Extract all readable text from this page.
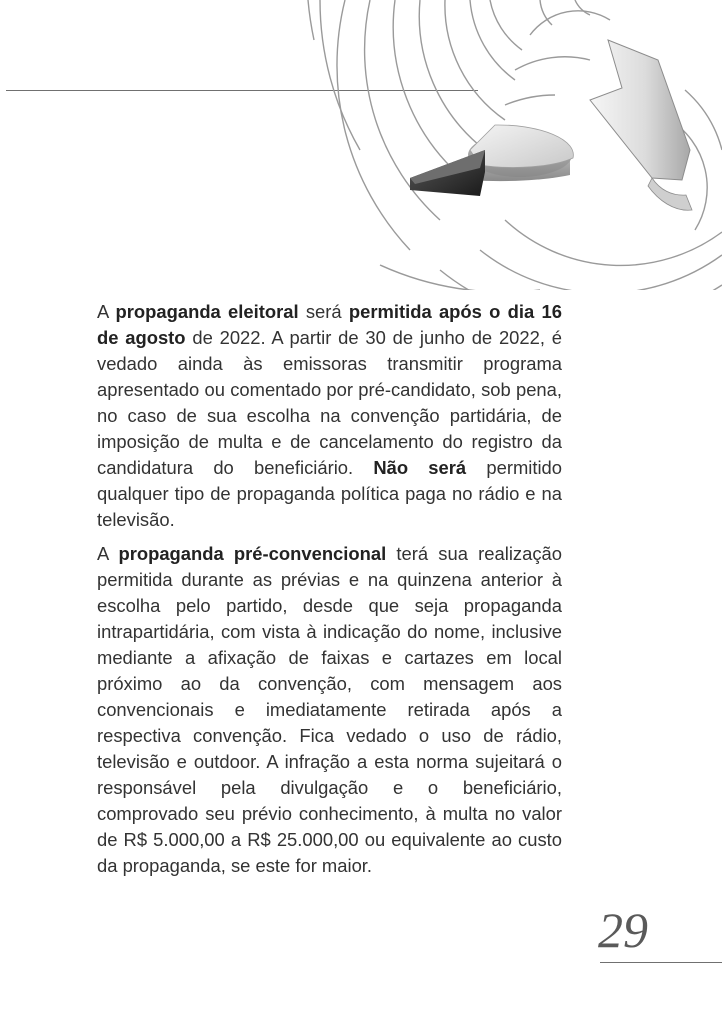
A propaganda eleitoral será permitida após o dia 16 de agosto de 2022. A partir de 30 de junho de 2022, é vedado ainda às emissoras transmitir programa apresentado ou comentado por pré-candidato, sob pena, no caso de sua escolha na convenção partidária, de imposição de multa e de cancelamento do registro da candidatura do beneficiário. Não será permitido qualquer tipo de propaganda política paga no rádio e na televisão.

A propaganda pré-convencional terá sua realização permitida durante as prévias e na quinzena anterior à escolha pelo partido, desde que seja propaganda intrapartidária, com vista à indicação do nome, inclusive mediante a afixação de faixas e cartazes em local próximo ao da convenção, com mensagem aos convencionais e imediatamente retirada após a respectiva convenção. Fica vedado o uso de rádio, televisão e outdoor. A infração a esta norma sujeitará o responsável pela divulgação e o beneficiário, comprovado seu prévio conhecimento, à multa no valor de R$ 5.000,00 a R$ 25.000,00 ou equivalente ao custo da propaganda, se este for maior.

29
